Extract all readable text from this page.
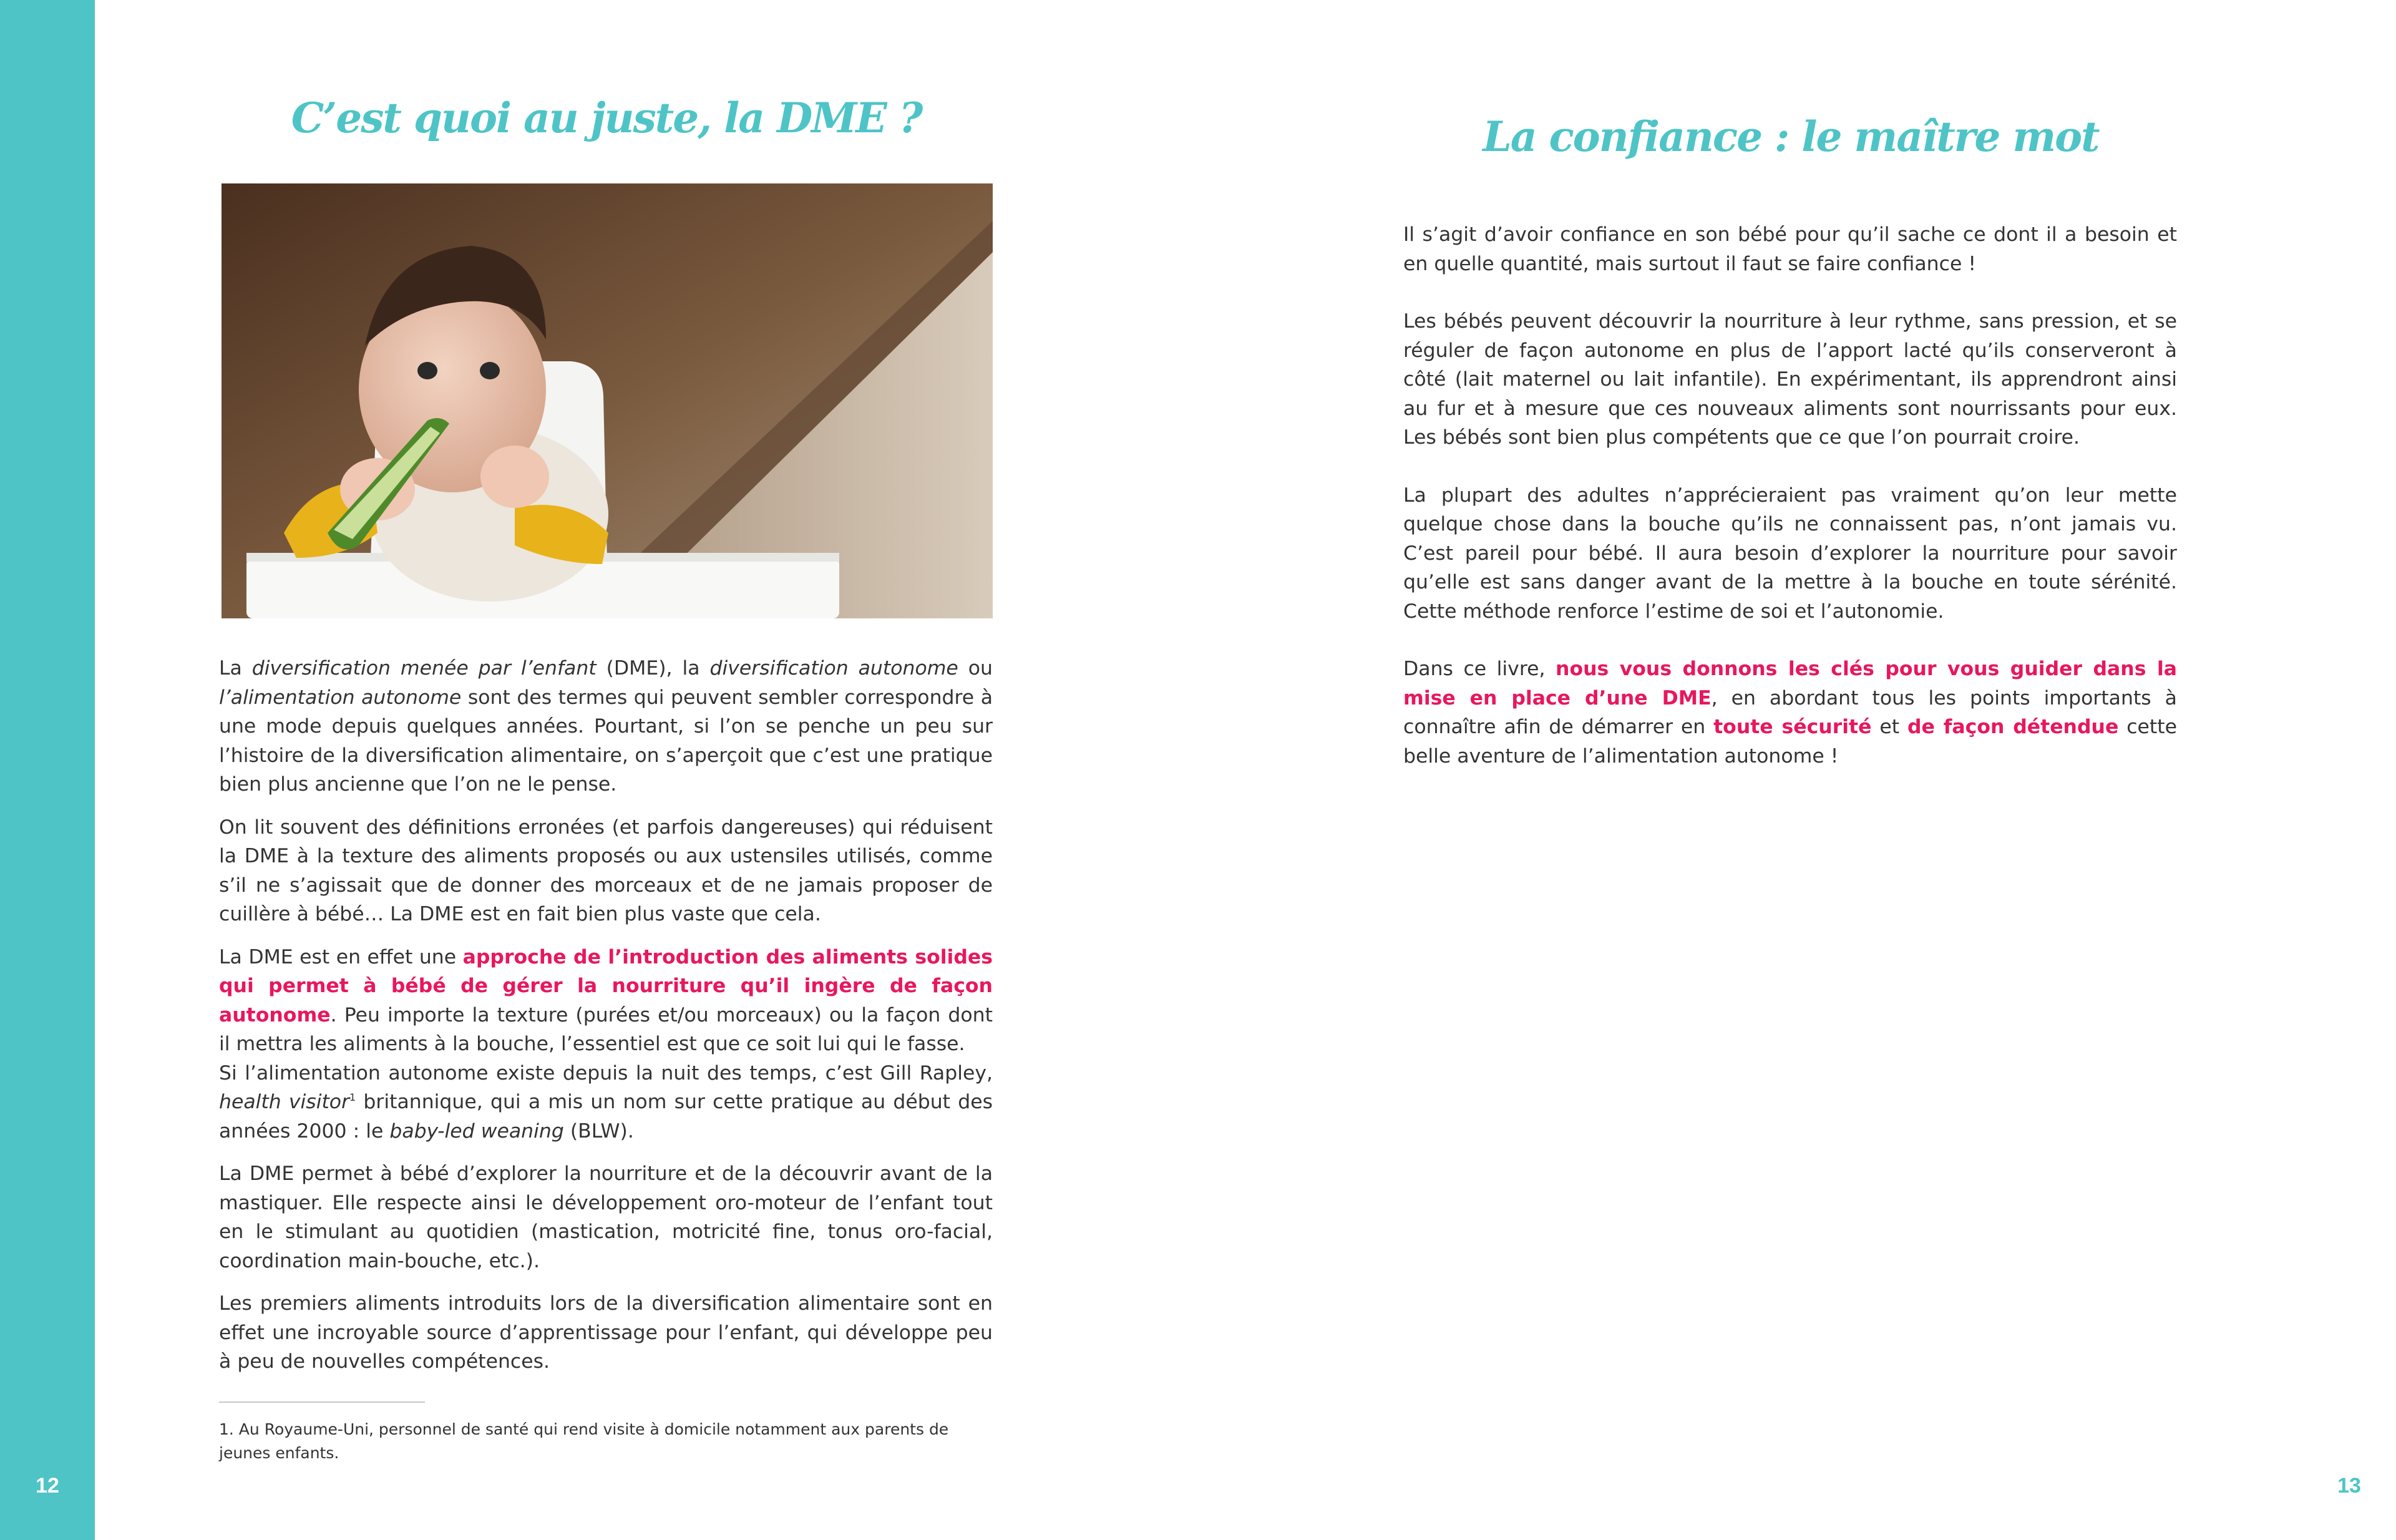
12	13
C’est quoi au juste, la DME ?

La diversification menée par l’enfant (DME), la diversification autonome ou l’alimentation autonome sont des termes qui peuvent sembler correspondre à une mode depuis quelques années. Pourtant, si l’on se penche un peu sur l’histoire de la diversification alimentaire, on s’aperçoit que c’est une pratique bien plus ancienne que l’on ne le pense.

On lit souvent des définitions erronées (et parfois dangereuses) qui réduisent la DME à la texture des aliments proposés ou aux ustensiles utilisés, comme s’il ne s’agissait que de donner des morceaux et de ne jamais proposer de cuillère à bébé… La DME est en fait bien plus vaste que cela.

La DME est en effet une approche de l’introduction des aliments solides qui permet à bébé de gérer la nourriture qu’il ingère de façon autonome. Peu importe la texture (purées et/ou morceaux) ou la façon dont il mettra les aliments à la bouche, l’essentiel est que ce soit lui qui le fasse.
Si l’alimentation autonome existe depuis la nuit des temps, c’est Gill Rapley, health visitor$^1$ britannique, qui a mis un nom sur cette pratique au début des années 2000 : le baby-led weaning (BLW).

La DME permet à bébé d’explorer la nourriture et de la découvrir avant de la mastiquer. Elle respecte ainsi le développement oro-moteur de l’enfant tout en le stimulant au quotidien (mastication, motricité fine, tonus oro-facial, coordination main-bouche, etc.).

Les premiers aliments introduits lors de la diversification alimentaire sont en effet une incroyable source d’apprentissage pour l’enfant, qui développe peu à peu de nouvelles compétences.

1. Au Royaume-Uni, personnel de santé qui rend visite à domicile notamment aux parents de jeunes enfants.
La confiance : le maître mot

Il s’agit d’avoir confiance en son bébé pour qu’il sache ce dont il a besoin et en quelle quantité, mais surtout il faut se faire confiance !

Les bébés peuvent découvrir la nourriture à leur rythme, sans pression, et se réguler de façon autonome en plus de l’apport lacté qu’ils conserveront à côté (lait maternel ou lait infantile). En expérimentant, ils apprendront ainsi au fur et à mesure que ces nouveaux aliments sont nourrissants pour eux. Les bébés sont bien plus compétents que ce que l’on pourrait croire.

La plupart des adultes n’apprécieraient pas vraiment qu’on leur mette quelque chose dans la bouche qu’ils ne connaissent pas, n’ont jamais vu. C’est pareil pour bébé. Il aura besoin d’explorer la nourriture pour savoir qu’elle est sans danger avant de la mettre à la bouche en toute sérénité. Cette méthode renforce l’estime de soi et l’autonomie.

Dans ce livre, nous vous donnons les clés pour vous guider dans la mise en place d’une DME, en abordant tous les points importants à connaître afin de démarrer en toute sécurité et de façon détendue cette belle aventure de l’alimentation autonome !
